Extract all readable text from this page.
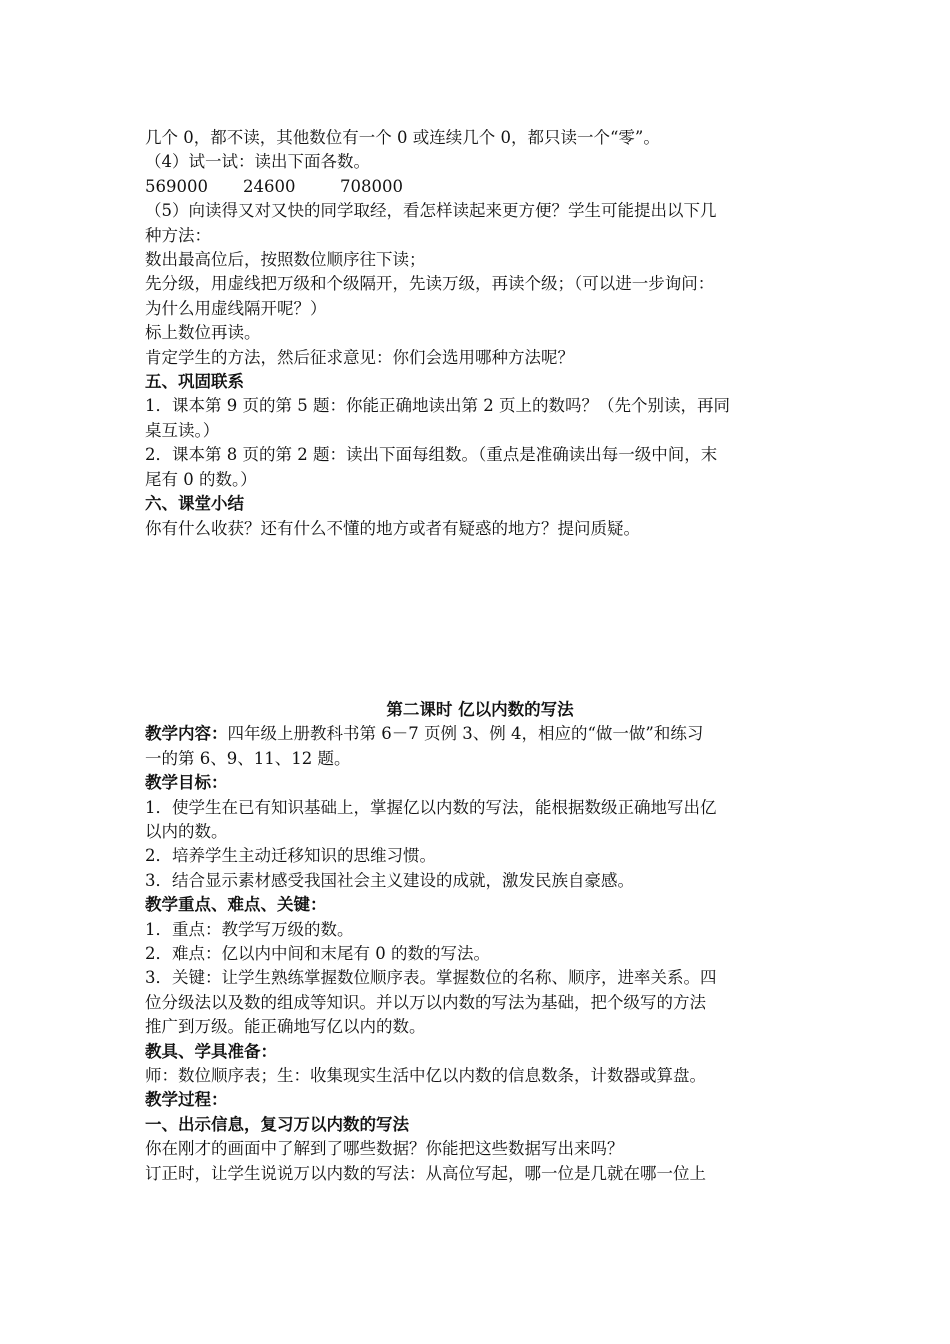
几个 0，都不读，其他数位有一个 0 或连续几个 0，都只读一个“零”。
（4）试一试：读出下面各数。
569000 24600	708000
（5）向读得又对又快的同学取经，看怎样读起来更方便？学生可能提出以下几
种方法：
数出最高位后，按照数位顺序往下读；
先分级，用虚线把万级和个级隔开，先读万级，再读个级；（可以进一步询问：
为什么用虚线隔开呢？）
标上数位再读。
肯定学生的方法，然后征求意见：你们会选用哪种方法呢？
五、巩固联系
1．课本第 9 页的第 5 题：你能正确地读出第 2 页上的数吗？（先个别读，再同
桌互读。）
2．课本第 8 页的第 2 题：读出下面每组数。（重点是准确读出每一级中间，末
尾有 0 的数。）
六、课堂小结
你有什么收获？还有什么不懂的地方或者有疑惑的地方？提问质疑。
第二课时 亿以内数的写法
教学内容：四年级上册教科书第 6－7 页例 3、例 4，相应的“做一做”和练习
一的第 6、9、11、12 题。
教学目标：
1．使学生在已有知识基础上，掌握亿以内数的写法，能根据数级正确地写出亿
以内的数。
2．培养学生主动迁移知识的思维习惯。
3．结合显示素材感受我国社会主义建设的成就，激发民族自豪感。
教学重点、难点、关键：
1．重点：教学写万级的数。
2．难点：亿以内中间和末尾有 0 的数的写法。
3．关键：让学生熟练掌握数位顺序表。掌握数位的名称、顺序，进率关系。四
位分级法以及数的组成等知识。并以万以内数的写法为基础，把个级写的方法
推广到万级。能正确地写亿以内的数。
教具、学具准备：
师：数位顺序表；生：收集现实生活中亿以内数的信息数条，计数器或算盘。
教学过程：
一、出示信息，复习万以内数的写法
你在刚才的画面中了解到了哪些数据？你能把这些数据写出来吗？
订正时，让学生说说万以内数的写法：从高位写起，哪一位是几就在哪一位上
